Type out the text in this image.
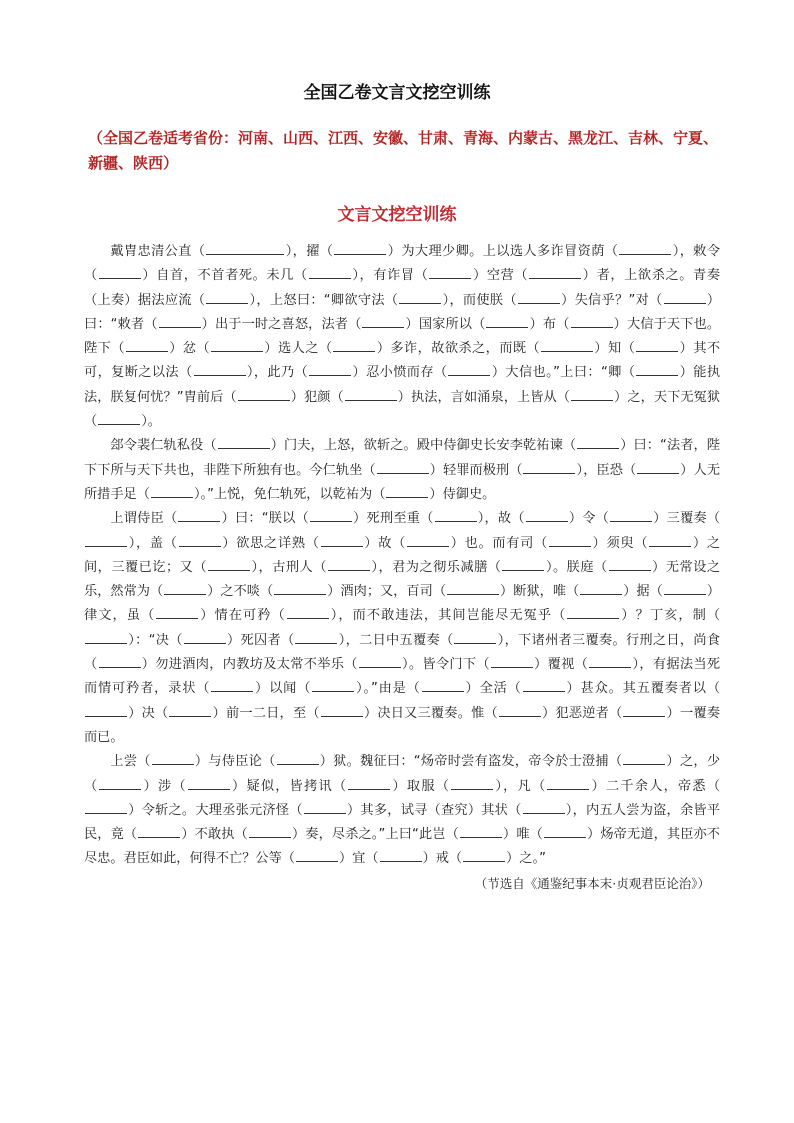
全国乙卷文言文挖空训练
（全国乙卷适考省份：河南、山西、江西、安徽、甘肃、青海、内蒙古、黑龙江、吉林、宁夏、新疆、陕西）
文言文挖空训练

戴胄忠清公直（	），擢（	）为大理少卿。上以选人多诈冒资荫（	），敕令（	）自首，不首者死。未几（	），有诈冒（	）空营（	）者，上欲杀之。青奏（上奏）据法应流（	），上怒曰：“卿欲守法（	），而使朕（	）失信乎？”对（	）曰：“敕者（	）出于一时之喜怒，法者（	）国家所以（	）布（	）大信于天下也。陛下（	）忿（	）选人之（	）多诈，故欲杀之，而既（	）知（	）其不可，复断之以法（	），此乃（	）忍小愤而存（	）大信也。”上曰：“卿（	）能执法，朕复何忧？”胄前后（	）犯颜（	）执法，言如涌泉，上皆从（	）之，天下无冤狱（	）。

郐令裴仁轨私役（	）门夫，上怒，欲斩之。殿中侍御史长安李乾祐谏（	）曰：“法者，陛下下所与天下共也，非陛下所独有也。今仁轨坐（	）轻罪而极刑（	），臣恐（	）人无所措手足（	）。”上悦，免仁轨死，以乾祐为（	）侍御史。

上谓侍臣（	）曰：“朕以（	）死刑至重（	），故（	）令（	）三覆奏（），盖（	）欲思之详熟（	）故（	）也。而有司（	）须臾（	）之间，三覆已讫；又（	），古刑人（	），君为之彻乐减膳（	）。朕庭（	）无常设之乐，然常为（	）之不啖（	）酒肉；又，百司（	）断狱，唯（	）据（	）律文，虽（	）情在可矜（	），而不敢违法，其间岂能尽无冤乎（	）？丁亥，制（）：“决（	）死囚者（	），二日中五覆奏（	），下诸州者三覆奏。行刑之日，尚食（	）勿进酒肉，内教坊及太常不举乐（	）。皆令门下（	）覆视（	），有据法当死而情可矜者，录状（	）以闻（	）。”由是（	）全活（	）甚众。其五覆奏者以（）决（	）前一二日，至（	）决日又三覆奏。惟（	）犯恶逆者（	）一覆奏而已。

上尝（	）与侍臣论（	）狱。魏征曰：“炀帝时尝有盗发，帝令於士澄捕（	）之，少（	）涉（	）疑似，皆拷讯（	）取服（	），凡（	）二千余人，帝悉（）令斩之。大理丞张元济怪（	）其多，试寻（查究）其状（	），内五人尝为盗，余皆平民，竟（	）不敢执（	）奏，尽杀之。”上曰“此岂（	）唯（	）炀帝无道，其臣亦不尽忠。君臣如此，何得不亡？公等（	）宜（	）戒（	）之。”

（节选自《通鉴纪事本末·贞观君臣论治》）
